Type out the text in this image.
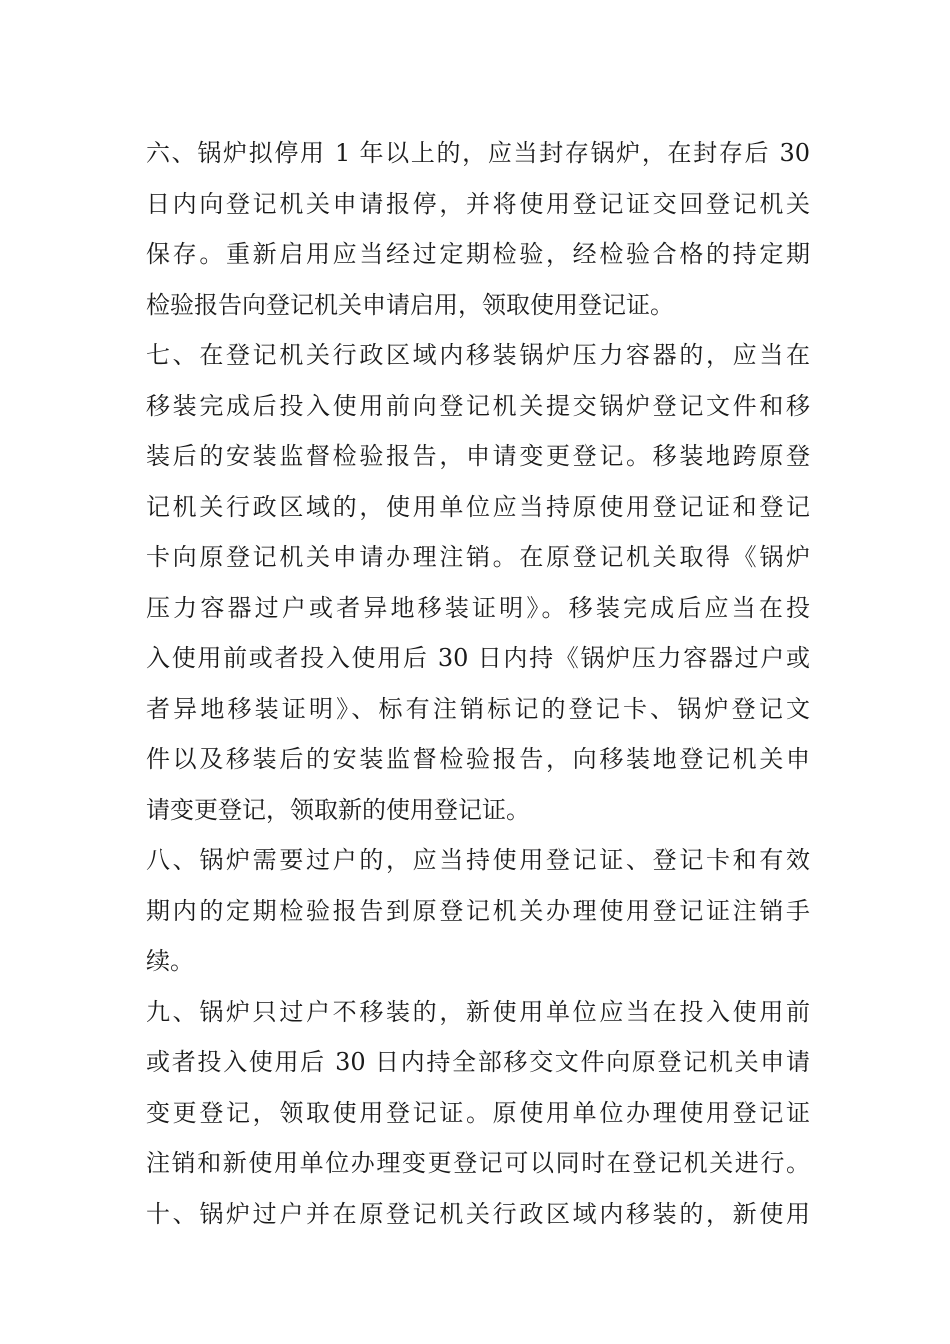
六、锅炉拟停用 1 年以上的，应当封存锅炉，在封存后 30
日内向登记机关申请报停，并将使用登记证交回登记机关
保存。重新启用应当经过定期检验，经检验合格的持定期
检验报告向登记机关申请启用，领取使用登记证。
七、在登记机关行政区域内移装锅炉压力容器的，应当在
移装完成后投入使用前向登记机关提交锅炉登记文件和移
装后的安装监督检验报告，申请变更登记。移装地跨原登
记机关行政区域的，使用单位应当持原使用登记证和登记
卡向原登记机关申请办理注销。在原登记机关取得《锅炉
压力容器过户或者异地移装证明》。移装完成后应当在投
入使用前或者投入使用后 30 日内持《锅炉压力容器过户或
者异地移装证明》、标有注销标记的登记卡、锅炉登记文
件以及移装后的安装监督检验报告，向移装地登记机关申
请变更登记，领取新的使用登记证。
八、锅炉需要过户的，应当持使用登记证、登记卡和有效
期内的定期检验报告到原登记机关办理使用登记证注销手
续。
九、锅炉只过户不移装的，新使用单位应当在投入使用前
或者投入使用后 30 日内持全部移交文件向原登记机关申请
变更登记，领取使用登记证。原使用单位办理使用登记证
注销和新使用单位办理变更登记可以同时在登记机关进行。
十、锅炉过户并在原登记机关行政区域内移装的，新使用
